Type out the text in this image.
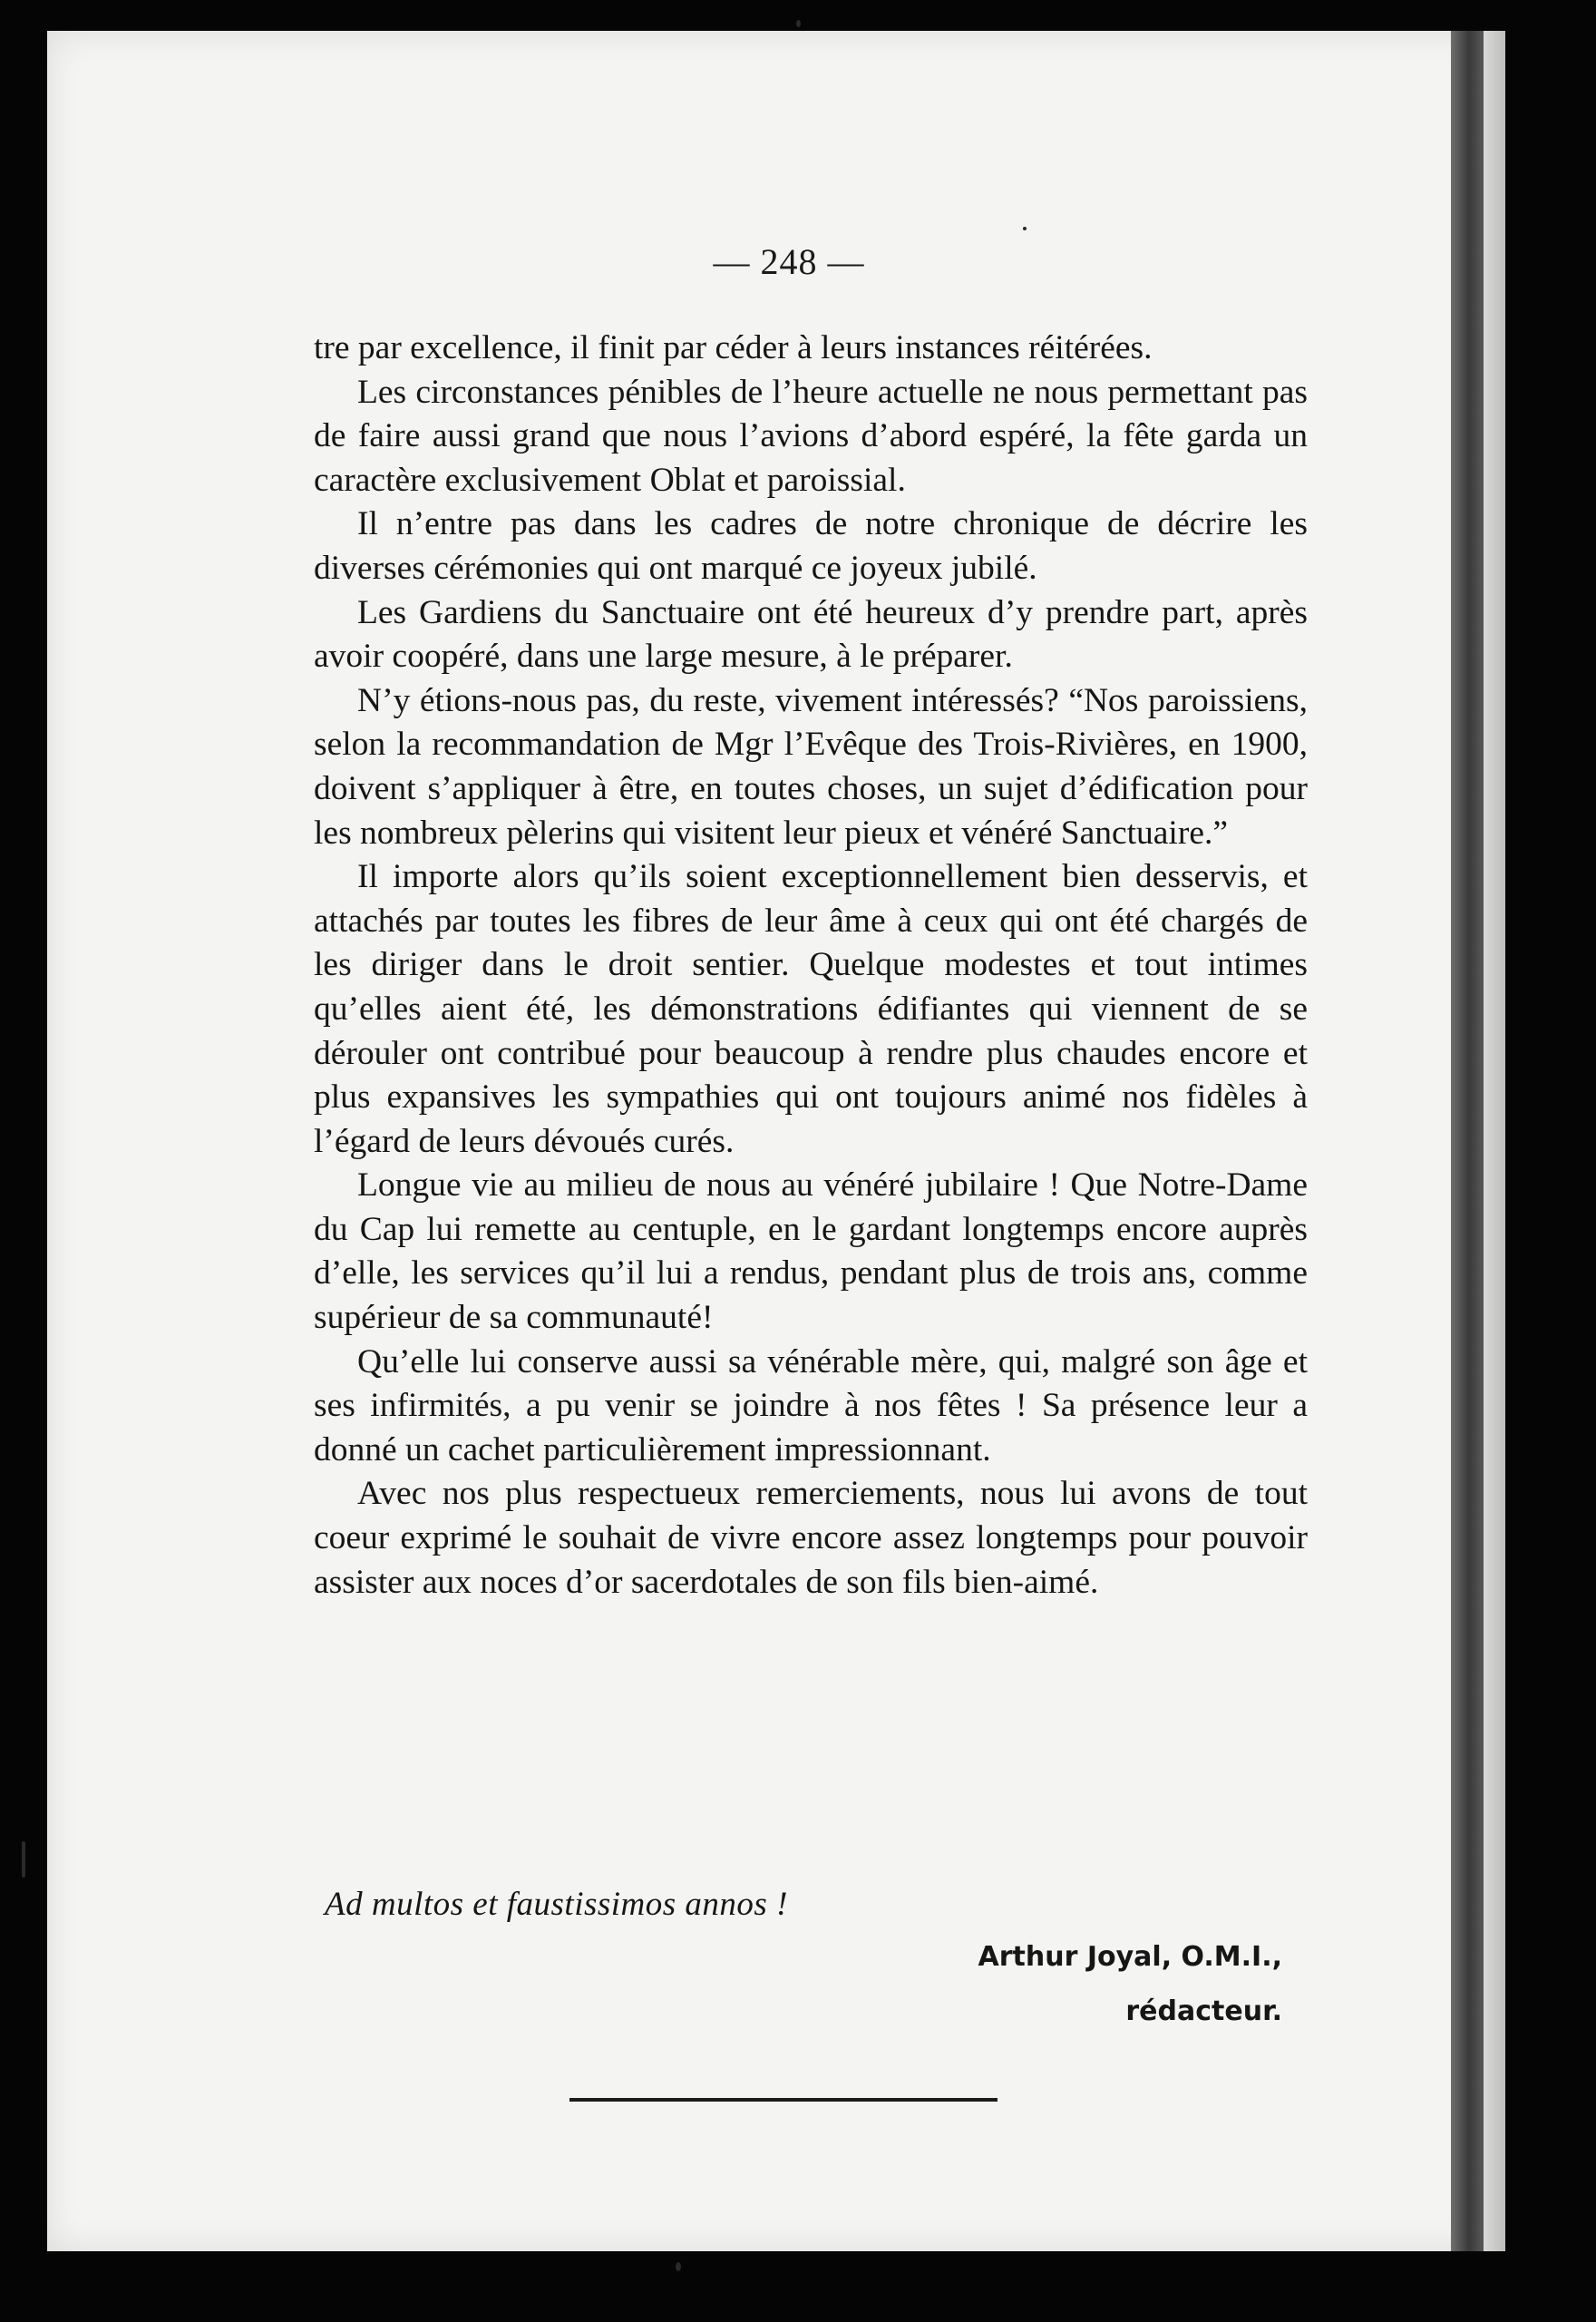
— 248 —

tre par excellence, il finit par céder à leurs instances réitérées.

Les circonstances pénibles de l’heure actuelle ne nous permettant pas de faire aussi grand que nous l’avions d’abord espéré, la fête garda un caractère exclusivement Oblat et paroissial.

Il n’entre pas dans les cadres de notre chronique de décrire les diverses cérémonies qui ont marqué ce joyeux jubilé.

Les Gardiens du Sanctuaire ont été heureux d’y prendre part, après avoir coopéré, dans une large mesure, à le préparer.

N’y étions-nous pas, du reste, vivement intéressés? “Nos paroissiens, selon la recommandation de Mgr l’Evêque des Trois-Rivières, en 1900, doivent s’appliquer à être, en toutes choses, un sujet d’édification pour les nombreux pèlerins qui visitent leur pieux et vénéré Sanctuaire.”

Il importe alors qu’ils soient exceptionnellement bien desservis, et attachés par toutes les fibres de leur âme à ceux qui ont été chargés de les diriger dans le droit sentier. Quelque modestes et tout intimes qu’elles aient été, les démonstrations édifiantes qui viennent de se dérouler ont contribué pour beaucoup à rendre plus chaudes encore et plus expansives les sympathies qui ont toujours animé nos fidèles à l’égard de leurs dévoués curés.

Longue vie au milieu de nous au vénéré jubilaire ! Que Notre-Dame du Cap lui remette au centuple, en le gardant longtemps encore auprès d’elle, les services qu’il lui a rendus, pendant plus de trois ans, comme supérieur de sa communauté!

Qu’elle lui conserve aussi sa vénérable mère, qui, malgré son âge et ses infirmités, a pu venir se joindre à nos fêtes ! Sa présence leur a donné un cachet particulièrement impressionnant.

Avec nos plus respectueux remerciements, nous lui avons de tout coeur exprimé le souhait de vivre encore assez longtemps pour pouvoir assister aux noces d’or sacerdotales de son fils bien-aimé.

Ad multos et faustissimos annos !
Arthur Joyal, O.M.I.,
rédacteur.
